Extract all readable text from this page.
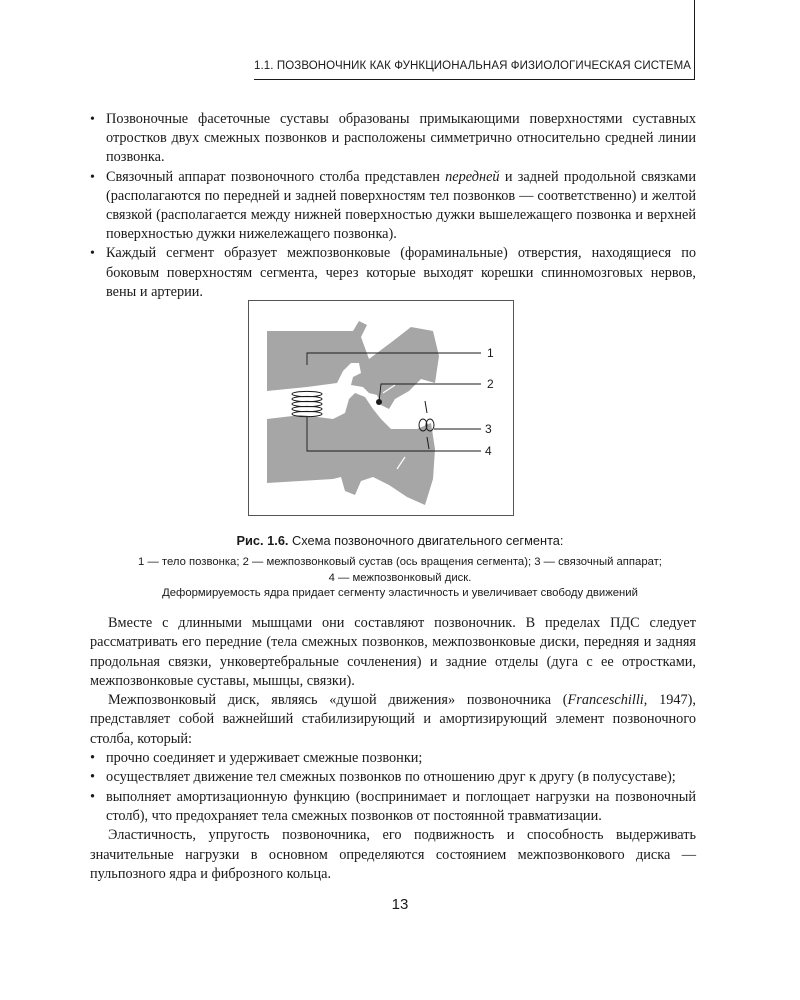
1.1. ПОЗВОНОЧНИК КАК ФУНКЦИОНАЛЬНАЯ ФИЗИОЛОГИЧЕСКАЯ СИСТЕМА
• Позвоночные фасеточные суставы образованы примыкающими поверхностями суставных отростков двух смежных позвонков и расположены симметрично относительно средней линии позвонка.
• Связочный аппарат позвоночного столба представлен передней и задней продольной связками (располагаются по передней и задней поверхностям тел позвонков — соответственно) и желтой связкой (располагается между нижней поверхностью дужки вышележащего позвонка и верхней поверхностью дужки нижележащего позвонка).
• Каждый сегмент образует межпозвонковые (фораминальные) отверстия, находящиеся по боковым поверхностям сегмента, через которые выходят корешки спинномозговых нервов, вены и артерии.
1
2
3
4
Рис. 1.6. Схема позвоночного двигательного сегмента:
1 — тело позвонка; 2 — межпозвонковый сустав (ось вращения сегмента); 3 — связочный аппарат;
4 — межпозвонковый диск.
Деформируемость ядра придает сегменту эластичность и увеличивает свободу движений

Вместе с длинными мышцами они составляют позвоночник. В пределах ПДС следует рассматривать его передние (тела смежных позвонков, межпозвонковые диски, передняя и задняя продольная связки, унковертебральные сочленения) и задние отделы (дуга с ее отростками, межпозвонковые суставы, мышцы, связки).

Межпозвонковый диск, являясь «душой движения» позвоночника (Franceschilli, 1947), представляет собой важнейший стабилизирующий и амортизирующий элемент позвоночного столба, который:

• прочно соединяет и удерживает смежные позвонки;
• осуществляет движение тел смежных позвонков по отношению друг к другу (в полусуставе);
• выполняет амортизационную функцию (воспринимает и поглощает нагрузки на позвоночный столб), что предохраняет тела смежных позвонков от постоянной травматизации.

Эластичность, упругость позвоночника, его подвижность и способность выдерживать значительные нагрузки в основном определяются состоянием межпозвонкового диска — пульпозного ядра и фиброзного кольца.

13
